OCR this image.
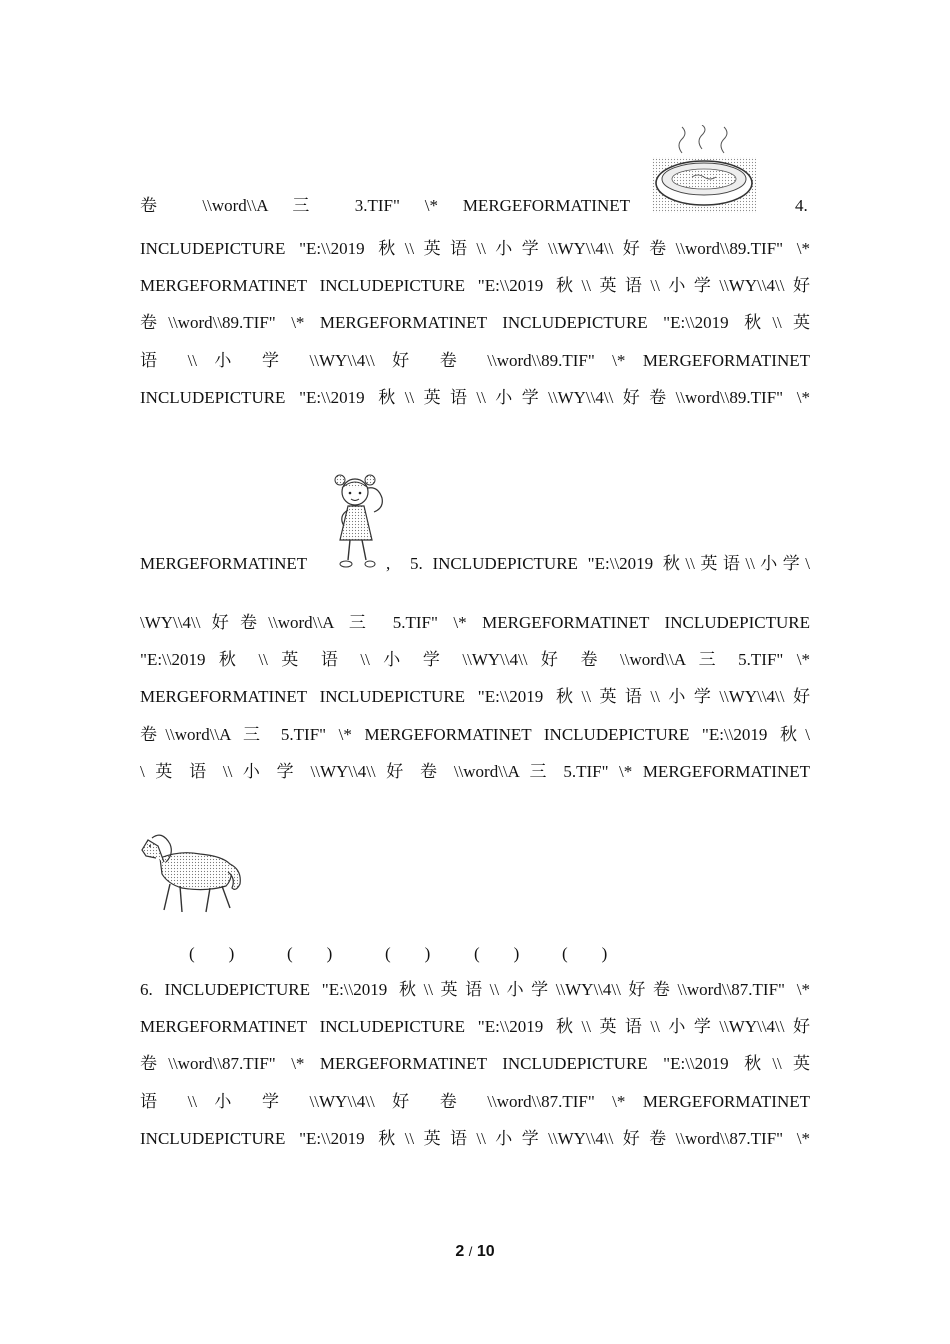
卷 \\word\\A 三 3.TIF" \* MERGEFORMATINET	4.
INCLUDEPICTURE "E:\\2019 秋\\英语\\小学\\WY\\4\\好卷\\word\\89.TIF" \*
MERGEFORMATINET INCLUDEPICTURE "E:\\2019 秋\\英语\\小学\\WY\\4\\好
卷\\word\\89.TIF" \* MERGEFORMATINET INCLUDEPICTURE "E:\\2019 秋\\英
语 \\ 小 学 \\WY\\4\\ 好 卷 \\word\\89.TIF" \* MERGEFORMATINET
INCLUDEPICTURE "E:\\2019 秋\\英语\\小学\\WY\\4\\好卷\\word\\89.TIF" \*
MERGEFORMATINET	,	5. INCLUDEPICTURE "E:\\2019 秋\\英语\\小学\
\WY\\4\\好卷\\word\\A 三 5.TIF" \* MERGEFORMATINET INCLUDEPICTURE
"E:\\2019 秋 \\ 英 语 \\ 小 学 \\WY\\4\\ 好 卷 \\word\\A 三 5.TIF" \*
MERGEFORMATINET INCLUDEPICTURE "E:\\2019 秋\\英语\\小学\\WY\\4\\好
卷\\word\\A 三 5.TIF" \* MERGEFORMATINET INCLUDEPICTURE "E:\\2019 秋\
\ 英 语 \\ 小 学 \\WY\\4\\ 好 卷 \\word\\A 三 5.TIF" \* MERGEFORMATINET
(　　)	(　　)	(　　)	(　　)	(　　)
6. INCLUDEPICTURE "E:\\2019 秋\\英语\\小学\\WY\\4\\好卷\\word\\87.TIF" \*
MERGEFORMATINET INCLUDEPICTURE "E:\\2019 秋\\英语\\小学\\WY\\4\\好
卷\\word\\87.TIF" \* MERGEFORMATINET INCLUDEPICTURE "E:\\2019 秋\\英
语 \\ 小 学 \\WY\\4\\ 好 卷 \\word\\87.TIF" \* MERGEFORMATINET
INCLUDEPICTURE "E:\\2019 秋\\英语\\小学\\WY\\4\\好卷\\word\\87.TIF" \*
2 / 10
